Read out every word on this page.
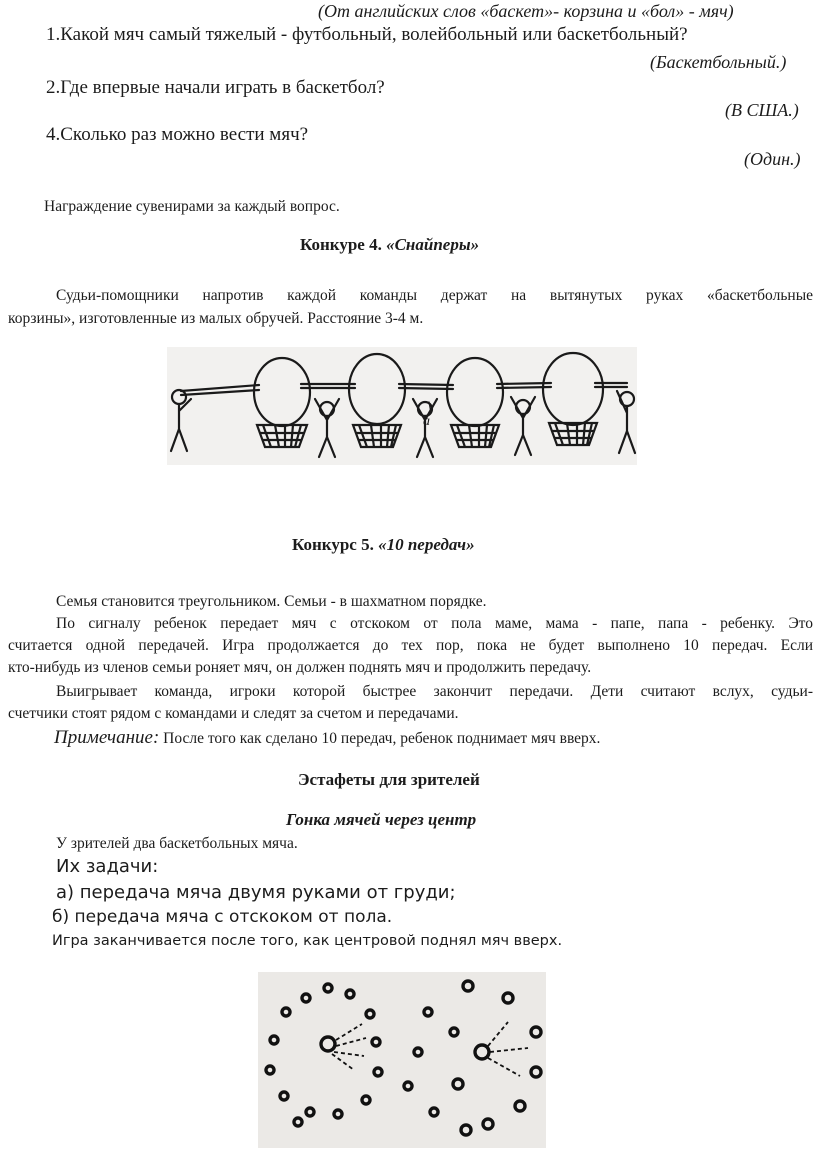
(От английских слов «баскет»- корзина и «бол» - мяч)
1.Какой мяч самый тяжелый - футбольный, волейбольный или баскетбольный?
(Баскетбольный.)
2.Где впервые начали играть в баскетбол?
(В США.)
4.Сколько раз можно вести мяч?
(Один.)
Награждение сувенирами за каждый вопрос.
Конкуре 4. «Снайперы»
Судьи-помощники напротив каждой команды держат на вытянутых руках «баскетбольные
корзины», изготовленные из малых обручей. Расстояние 3-4 м.
а
Конкурс 5. «10 передач»
Семья становится треугольником. Семьи - в шахматном порядке.
По сигналу ребенок передает мяч с отскоком от пола маме, мама - папе, папа - ребенку. Это
считается одной передачей. Игра продолжается до тех пор, пока не будет выполнено 10 передач. Если
кто-нибудь из членов семьи роняет мяч, он должен поднять мяч и продолжить передачу.
Выигрывает команда, игроки которой быстрее закончит передачи. Дети считают вслух, судьи-
счетчики стоят рядом с командами и следят за счетом и передачами.
Примечание: После того как сделано 10 передач, ребенок поднимает мяч вверх.
Эстафеты для зрителей
Гонка мячей через центр
У зрителей два баскетбольных мяча.
Их задачи:
а) передача мяча двумя руками от груди;
б) передача мяча с отскоком от пола.
Игра заканчивается после того, как центровой поднял мяч вверх.
